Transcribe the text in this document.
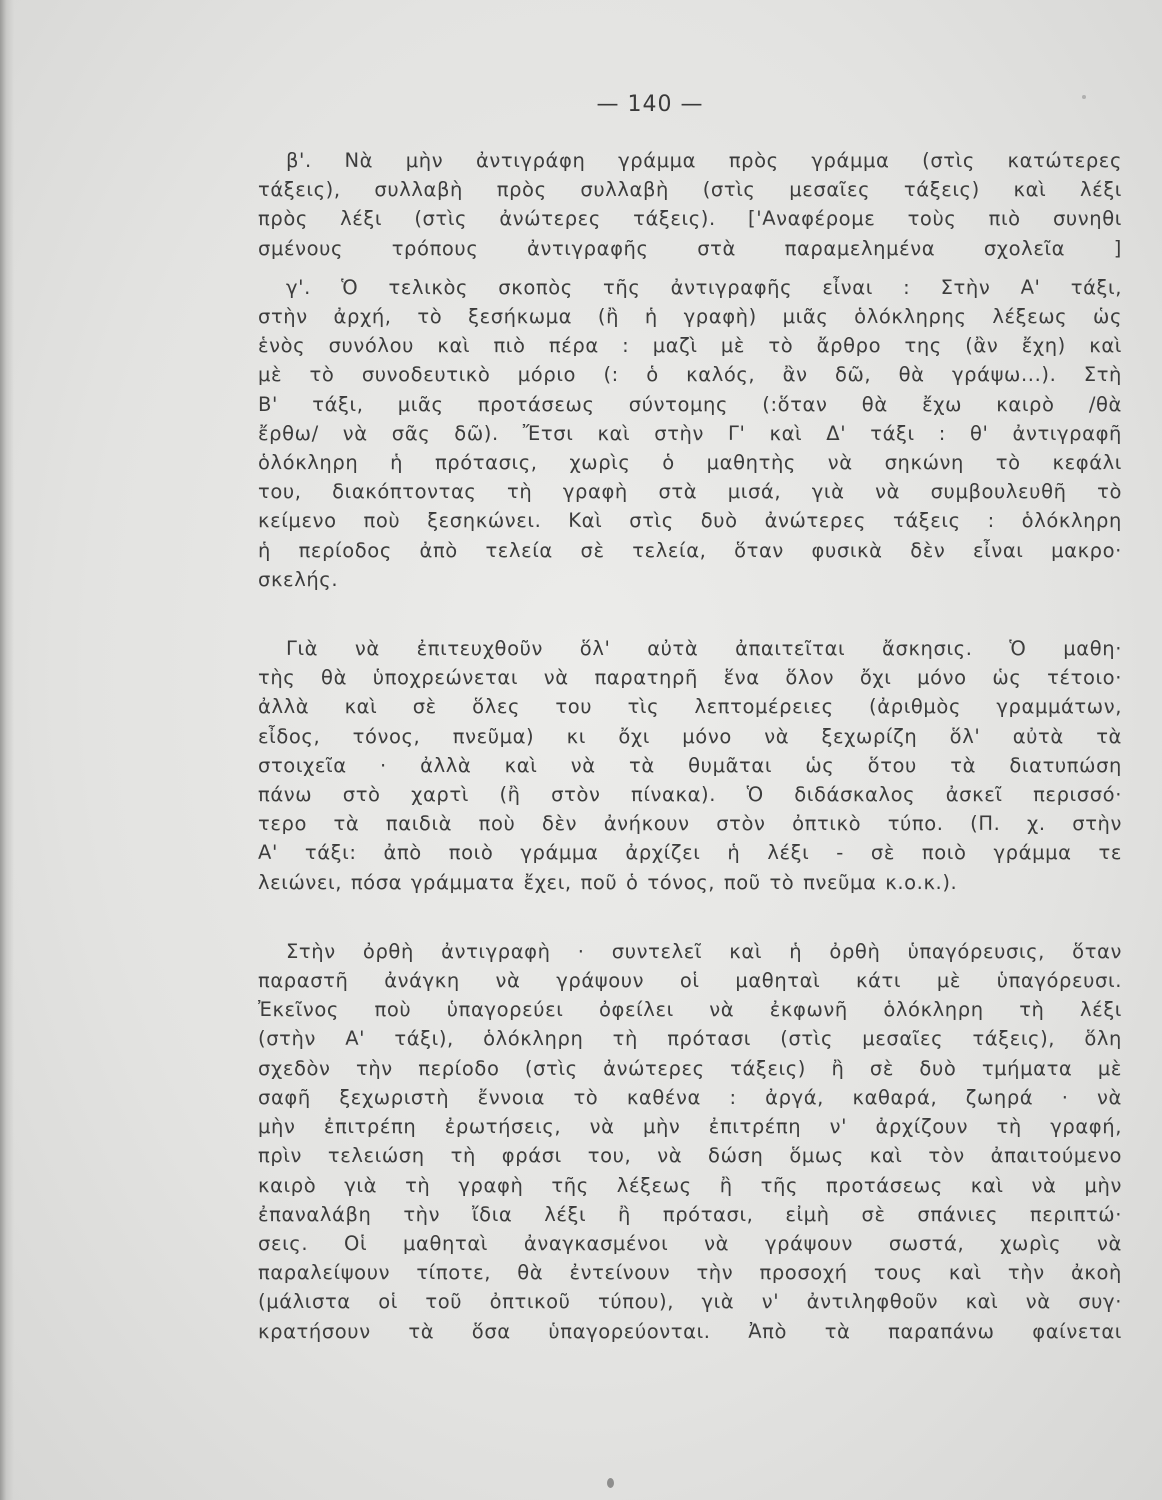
— 140 —
β'. Νὰ μὴν ἀντιγράφη γράμμα πρὸς γράμμα (στὶς κατώτερες
τάξεις), συλλαβὴ πρὸς συλλαβὴ (στὶς μεσαῖες τάξεις) καὶ λέξι
πρὸς λέξι (στὶς ἀνώτερες τάξεις). ['Αναφέρομε τοὺς πιὸ συνηθι
σμένους τρόπους ἀντιγραφῆς στὰ παραμελημένα σχολεῖα ]
γ'. Ὁ τελικὸς σκοπὸς τῆς ἀντιγραφῆς εἶναι : Στὴν Α' τάξι,
στὴν ἀρχή, τὸ ξεσήκωμα (ἢ ἡ γραφὴ) μιᾶς ὁλόκληρης λέξεως ὡς
ἑνὸς συνόλου καὶ πιὸ πέρα : μαζὶ μὲ τὸ ἄρθρο της (ἂν ἔχη) καὶ
μὲ τὸ συνοδευτικὸ μόριο (: ὁ καλός, ἂν δῶ, θὰ γράψω...). Στὴ
Β' τάξι, μιᾶς προτάσεως σύντομης (:ὅταν θὰ ἔχω καιρὸ /θὰ
ἔρθω/ νὰ σᾶς δῶ). Ἔτσι καὶ στὴν Γ' καὶ Δ' τάξι : θ' ἀντιγραφῆ
ὁλόκληρη ἡ πρότασις, χωρὶς ὁ μαθητὴς νὰ σηκώνη τὸ κεφάλι
του, διακόπτοντας τὴ γραφὴ στὰ μισά, γιὰ νὰ συμβουλευθῆ τὸ
κείμενο ποὺ ξεσηκώνει. Καὶ στὶς δυὸ ἀνώτερες τάξεις : ὁλόκληρη
ἡ περίοδος ἀπὸ τελεία σὲ τελεία, ὅταν φυσικὰ δὲν εἶναι μακρο·
σκελής.
Γιὰ νὰ ἐπιτευχθοῦν ὅλ' αὐτὰ ἀπαιτεῖται ἄσκησις. Ὁ μαθη·
τὴς θὰ ὑποχρεώνεται νὰ παρατηρῆ ἕνα ὅλον ὄχι μόνο ὡς τέτοιο·
ἀλλὰ καὶ σὲ ὅλες του τὶς λεπτομέρειες (ἀριθμὸς γραμμάτων,
εἶδος, τόνος, πνεῦμα) κι ὄχι μόνο νὰ ξεχωρίζη ὅλ' αὐτὰ τὰ
στοιχεῖα · ἀλλὰ καὶ νὰ τὰ θυμᾶται ὡς ὅτου τὰ διατυπώση
πάνω στὸ χαρτὶ (ἢ στὸν πίνακα). Ὁ διδάσκαλος ἀσκεῖ περισσό·
τερο τὰ παιδιὰ ποὺ δὲν ἀνήκουν στὸν ὀπτικὸ τύπο. (Π. χ. στὴν
Α' τάξι: ἀπὸ ποιὸ γράμμα ἀρχίζει ἡ λέξι - σὲ ποιὸ γράμμα τε
λειώνει, πόσα γράμματα ἔχει, ποῦ ὁ τόνος, ποῦ τὸ πνεῦμα κ.ο.κ.).
Στὴν ὀρθὴ ἀντιγραφὴ · συντελεῖ καὶ ἡ ὀρθὴ ὑπαγόρευσις, ὅταν
παραστῆ ἀνάγκη νὰ γράψουν οἱ μαθηταὶ κάτι μὲ ὑπαγόρευσι.
Ἐκεῖνος ποὺ ὑπαγορεύει ὀφείλει νὰ ἐκφωνῆ ὁλόκληρη τὴ λέξι
(στὴν Α' τάξι), ὁλόκληρη τὴ πρότασι (στὶς μεσαῖες τάξεις), ὅλη
σχεδὸν τὴν περίοδο (στὶς ἀνώτερες τάξεις) ἢ σὲ δυὸ τμήματα μὲ
σαφῆ ξεχωριστὴ ἔννοια τὸ καθένα : ἀργά, καθαρά, ζωηρά · νὰ
μὴν ἐπιτρέπη ἐρωτήσεις, νὰ μὴν ἐπιτρέπη ν' ἀρχίζουν τὴ γραφή,
πρὶν τελειώση τὴ φράσι του, νὰ δώση ὅμως καὶ τὸν ἀπαιτούμενο
καιρὸ γιὰ τὴ γραφὴ τῆς λέξεως ἢ τῆς προτάσεως καὶ νὰ μὴν
ἐπαναλάβη τὴν ἴδια λέξι ἢ πρότασι, εἰμὴ σὲ σπάνιες περιπτώ·
σεις. Οἱ μαθηταὶ ἀναγκασμένοι νὰ γράψουν σωστά, χωρὶς νὰ
παραλείψουν τίποτε, θὰ ἐντείνουν τὴν προσοχή τους καὶ τὴν ἀκοὴ
(μάλιστα οἱ τοῦ ὀπτικοῦ τύπου), γιὰ ν' ἀντιληφθοῦν καὶ νὰ συγ·
κρατήσουν τὰ ὅσα ὑπαγορεύονται. Ἀπὸ τὰ παραπάνω φαίνεται
